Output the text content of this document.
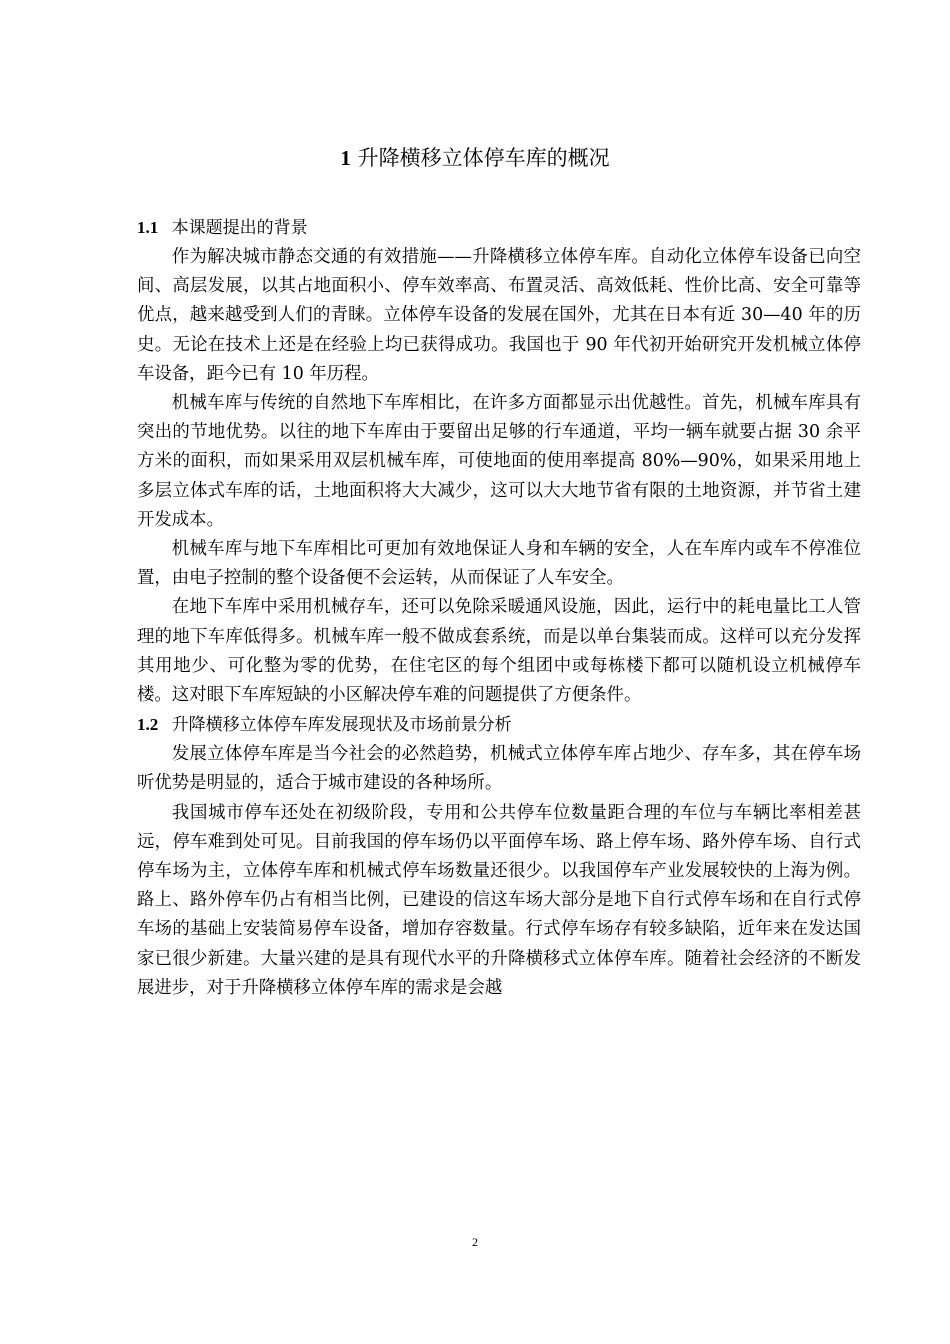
1 升降横移立体停车库的概况
1.1 本课题提出的背景

作为解决城市静态交通的有效措施——升降横移立体停车库。自动化立体停车设备已向空间、高层发展，以其占地面积小、停车效率高、布置灵活、高效低耗、性价比高、安全可靠等优点，越来越受到人们的青睐。立体停车设备的发展在国外，尤其在日本有近 30—40 年的历史。无论在技术上还是在经验上均已获得成功。我国也于 90 年代初开始研究开发机械立体停车设备，距今已有 10 年历程。

机械车库与传统的自然地下车库相比，在许多方面都显示出优越性。首先，机械车库具有突出的节地优势。以往的地下车库由于要留出足够的行车通道，平均一辆车就要占据 30 余平方米的面积，而如果采用双层机械车库，可使地面的使用率提高 80%—90%，如果采用地上多层立体式车库的话，土地面积将大大减少，这可以大大地节省有限的土地资源，并节省土建开发成本。

机械车库与地下车库相比可更加有效地保证人身和车辆的安全，人在车库内或车不停准位置，由电子控制的整个设备便不会运转，从而保证了人车安全。

在地下车库中采用机械存车，还可以免除采暖通风设施，因此，运行中的耗电量比工人管理的地下车库低得多。机械车库一般不做成套系统，而是以单台集装而成。这样可以充分发挥其用地少、可化整为零的优势，在住宅区的每个组团中或每栋楼下都可以随机设立机械停车楼。这对眼下车库短缺的小区解决停车难的问题提供了方便条件。

1.2 升降横移立体停车库发展现状及市场前景分析

发展立体停车库是当今社会的必然趋势，机械式立体停车库占地少、存车多，其在停车场听优势是明显的，适合于城市建设的各种场所。

我国城市停车还处在初级阶段，专用和公共停车位数量距合理的车位与车辆比率相差甚远，停车难到处可见。目前我国的停车场仍以平面停车场、路上停车场、路外停车场、自行式停车场为主，立体停车库和机械式停车场数量还很少。以我国停车产业发展较快的上海为例。路上、路外停车仍占有相当比例，已建设的信这车场大部分是地下自行式停车场和在自行式停车场的基础上安装简易停车设备，增加存容数量。行式停车场存有较多缺陷，近年来在发达国家已很少新建。大量兴建的是具有现代水平的升降横移式立体停车库。随着社会经济的不断发展进步，对于升降横移立体停车库的需求是会越

2
